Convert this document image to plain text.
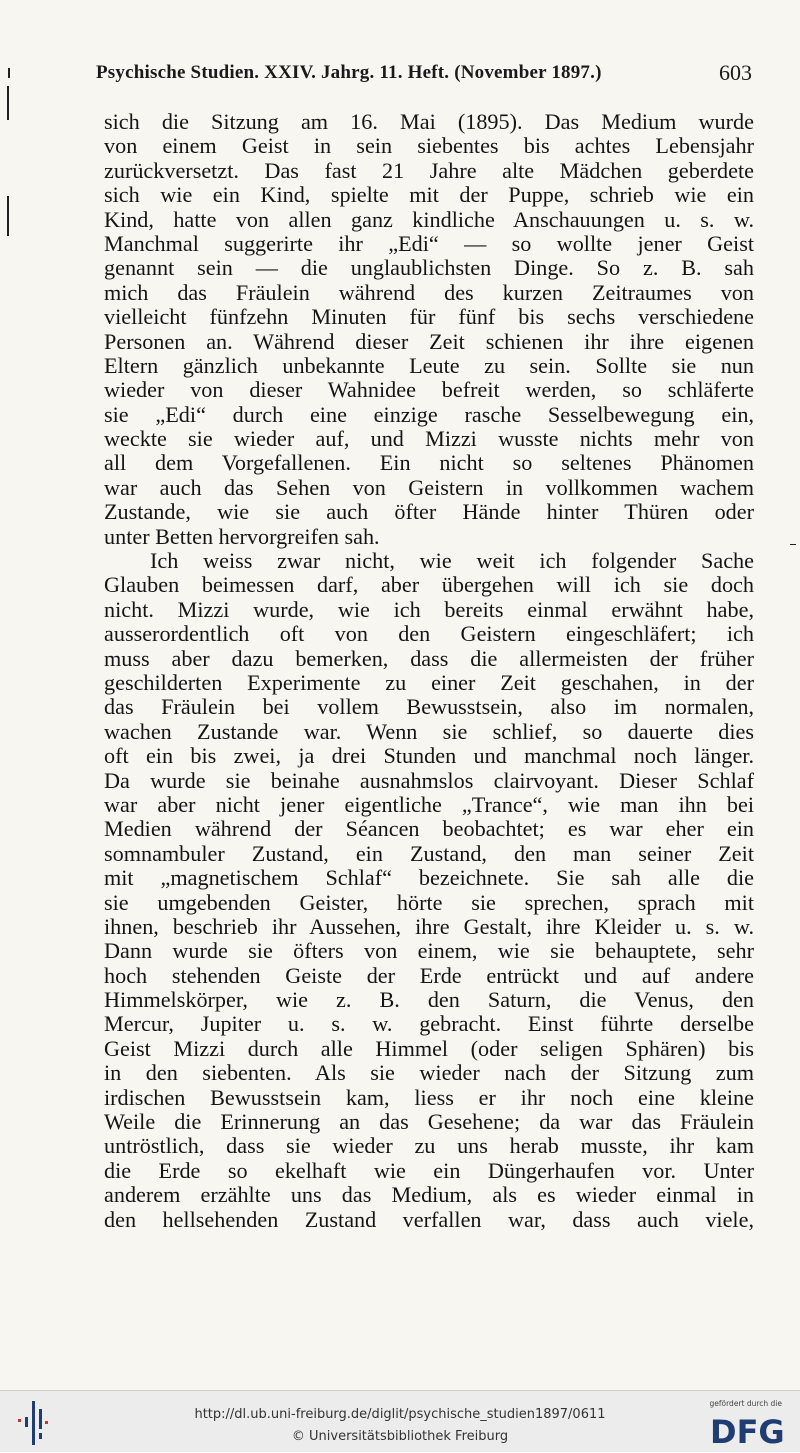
Psychische Studien. XXIV. Jahrg. 11. Heft. (November 1897.)	603
sich die Sitzung am 16. Mai (1895). Das Medium wurde
von einem Geist in sein siebentes bis achtes Lebensjahr
zurückversetzt. Das fast 21 Jahre alte Mädchen geberdete
sich wie ein Kind, spielte mit der Puppe, schrieb wie ein
Kind, hatte von allen ganz kindliche Anschauungen u. s. w.
Manchmal suggerirte ihr „Edi“ — so wollte jener Geist
genannt sein — die unglaublichsten Dinge. So z. B. sah
mich das Fräulein während des kurzen Zeitraumes von
vielleicht fünfzehn Minuten für fünf bis sechs verschiedene
Personen an. Während dieser Zeit schienen ihr ihre eigenen
Eltern gänzlich unbekannte Leute zu sein. Sollte sie nun
wieder von dieser Wahnidee befreit werden, so schläferte
sie „Edi“ durch eine einzige rasche Sesselbewegung ein,
weckte sie wieder auf, und Mizzi wusste nichts mehr von
all dem Vorgefallenen. Ein nicht so seltenes Phänomen
war auch das Sehen von Geistern in vollkommen wachem
Zustande, wie sie auch öfter Hände hinter Thüren oder
unter Betten hervorgreifen sah.
Ich weiss zwar nicht, wie weit ich folgender Sache
Glauben beimessen darf, aber übergehen will ich sie doch
nicht. Mizzi wurde, wie ich bereits einmal erwähnt habe,
ausserordentlich oft von den Geistern eingeschläfert; ich
muss aber dazu bemerken, dass die allermeisten der früher
geschilderten Experimente zu einer Zeit geschahen, in der
das Fräulein bei vollem Bewusstsein, also im normalen,
wachen Zustande war. Wenn sie schlief, so dauerte dies
oft ein bis zwei, ja drei Stunden und manchmal noch länger.
Da wurde sie beinahe ausnahmslos clairvoyant. Dieser Schlaf
war aber nicht jener eigentliche „Trance“, wie man ihn bei
Medien während der Séancen beobachtet; es war eher ein
somnambuler Zustand, ein Zustand, den man seiner Zeit
mit „magnetischem Schlaf“ bezeichnete. Sie sah alle die
sie umgebenden Geister, hörte sie sprechen, sprach mit
ihnen, beschrieb ihr Aussehen, ihre Gestalt, ihre Kleider u. s. w.
Dann wurde sie öfters von einem, wie sie behauptete, sehr
hoch stehenden Geiste der Erde entrückt und auf andere
Himmelskörper, wie z. B. den Saturn, die Venus, den
Mercur, Jupiter u. s. w. gebracht. Einst führte derselbe
Geist Mizzi durch alle Himmel (oder seligen Sphären) bis
in den siebenten. Als sie wieder nach der Sitzung zum
irdischen Bewusstsein kam, liess er ihr noch eine kleine
Weile die Erinnerung an das Gesehene; da war das Fräulein
untröstlich, dass sie wieder zu uns herab musste, ihr kam
die Erde so ekelhaft wie ein Düngerhaufen vor. Unter
anderem erzählte uns das Medium, als es wieder einmal in
den hellsehenden Zustand verfallen war, dass auch viele,
http://dl.ub.uni-freiburg.de/diglit/psychische_studien1897/0611
© Universitätsbibliothek Freiburg
gefördert durch die
DFG
